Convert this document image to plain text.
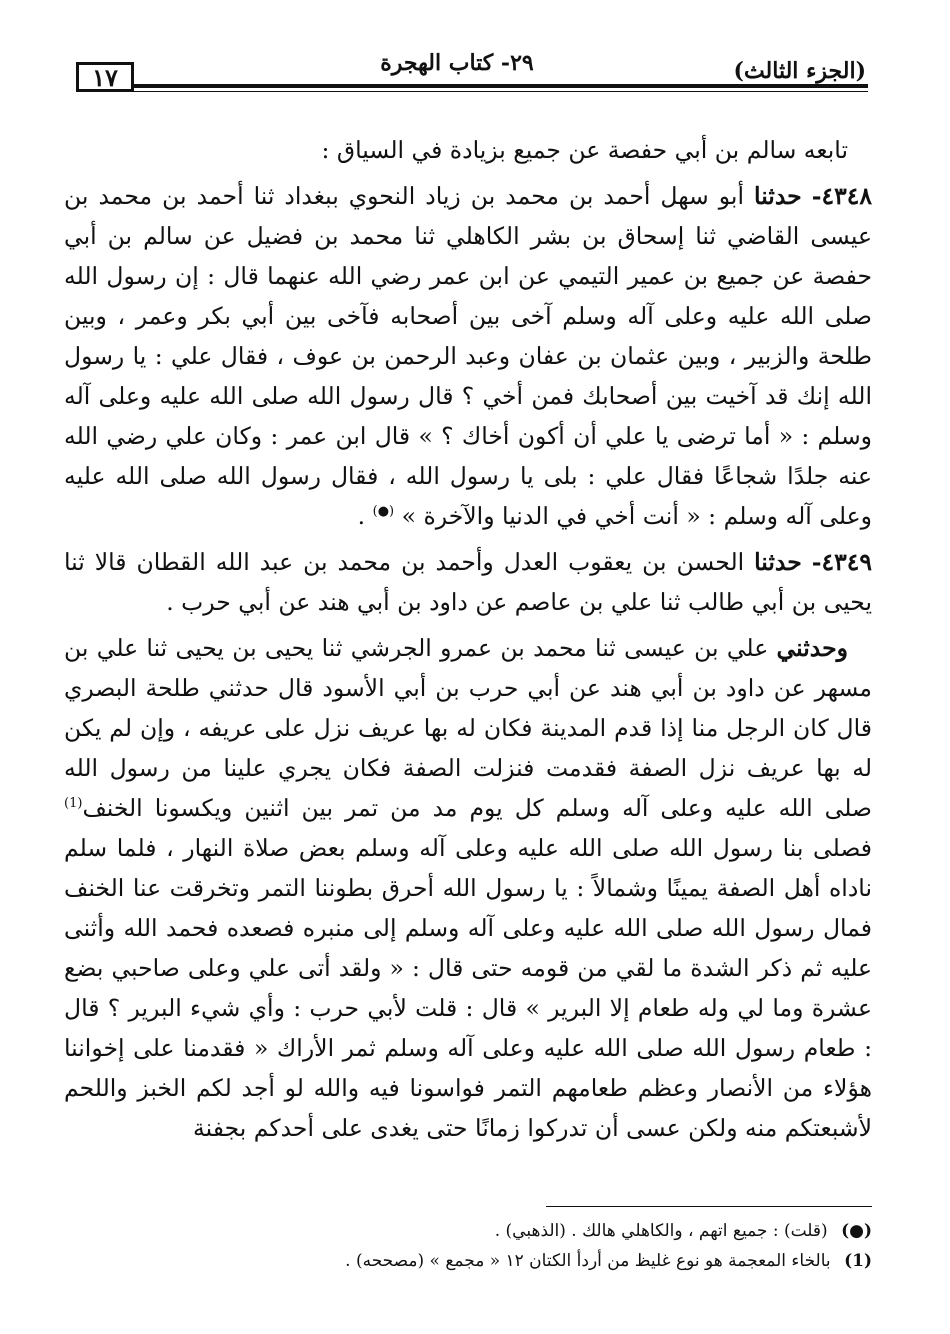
١٧	٢٩- كتاب الهجرة	(الجزء الثالث)

تابعه سالم بن أبي حفصة عن جميع بزيادة في السياق :

٤٣٤٨- حدثنا أبو سهل أحمد بن محمد بن زياد النحوي ببغداد ثنا أحمد بن محمد بن عيسى القاضي ثنا إسحاق بن بشر الكاهلي ثنا محمد بن فضيل عن سالم بن أبي حفصة عن جميع بن عمير التيمي عن ابن عمر رضي الله عنهما قال : إن رسول الله صلى الله عليه وعلى آله وسلم آخى بين أصحابه فآخى بين أبي بكر وعمر ، وبين طلحة والزبير ، وبين عثمان بن عفان وعبد الرحمن بن عوف ، فقال علي : يا رسول الله إنك قد آخيت بين أصحابك فمن أخي ؟ قال رسول الله صلى الله عليه وعلى آله وسلم : « أما ترضى يا علي أن أكون أخاك ؟ » قال ابن عمر : وكان علي رضي الله عنه جلدًا شجاعًا فقال علي : بلى يا رسول الله ، فقال رسول الله صلى الله عليه وعلى آله وسلم : « أنت أخي في الدنيا والآخرة » (●) .

٤٣٤٩- حدثنا الحسن بن يعقوب العدل وأحمد بن محمد بن عبد الله القطان قالا ثنا يحيى بن أبي طالب ثنا علي بن عاصم عن داود بن أبي هند عن أبي حرب .

وحدثني علي بن عيسى ثنا محمد بن عمرو الجرشي ثنا يحيى بن يحيى ثنا علي بن مسهر عن داود بن أبي هند عن أبي حرب بن أبي الأسود قال حدثني طلحة البصري قال كان الرجل منا إذا قدم المدينة فكان له بها عريف نزل على عريفه ، وإن لم يكن له بها عريف نزل الصفة فقدمت فنزلت الصفة فكان يجري علينا من رسول الله صلى الله عليه وعلى آله وسلم كل يوم مد من تمر بين اثنين ويكسونا الخنف$^{(1)}$ فصلى بنا رسول الله صلى الله عليه وعلى آله وسلم بعض صلاة النهار ، فلما سلم ناداه أهل الصفة يمينًا وشمالاً : يا رسول الله أحرق بطوننا التمر وتخرقت عنا الخنف فمال رسول الله صلى الله عليه وعلى آله وسلم إلى منبره فصعده فحمد الله وأثنى عليه ثم ذكر الشدة ما لقي من قومه حتى قال : « ولقد أتى علي وعلى صاحبي بضع عشرة وما لي وله طعام إلا البرير » قال : قلت لأبي حرب : وأي شيء البرير ؟ قال : طعام رسول الله صلى الله عليه وعلى آله وسلم ثمر الأراك « فقدمنا على إخواننا هؤلاء من الأنصار وعظم طعامهم التمر فواسونا فيه والله لو أجد لكم الخبز واللحم لأشبعتكم منه ولكن عسى أن تدركوا زمانًا حتى يغدى على أحدكم بجفنة

(●) (قلت) : جميع اتهم ، والكاهلي هالك . (الذهبي) .

(1) بالخاء المعجمة هو نوع غليظ من أردأ الكتان ١٢ « مجمع » (مصححه) .
